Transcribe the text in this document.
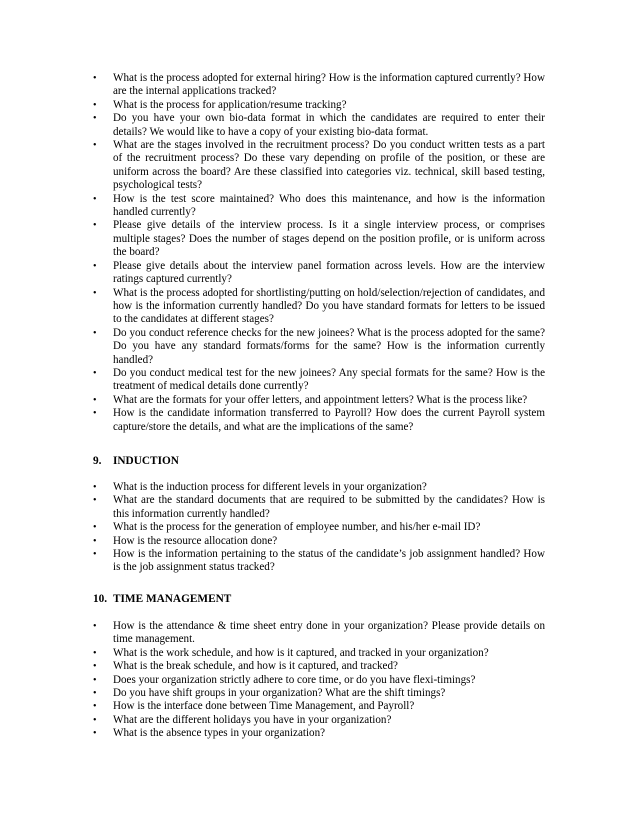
•	What is the process adopted for external hiring? How is the information captured currently? How are the internal applications tracked?
•	What is the process for application/resume tracking?
•	Do you have your own bio-data format in which the candidates are required to enter their details? We would like to have a copy of your existing bio-data format.
•	What are the stages involved in the recruitment process? Do you conduct written tests as a part of the recruitment process? Do these vary depending on profile of the position, or these are uniform across the board? Are these classified into categories viz. technical, skill based testing, psychological tests?
•	How is the test score maintained? Who does this maintenance, and how is the information handled currently?
•	Please give details of the interview process. Is it a single interview process, or comprises multiple stages? Does the number of stages depend on the position profile, or is uniform across the board?
•	Please give details about the interview panel formation across levels. How are the interview ratings captured currently?
•	What is the process adopted for shortlisting/putting on hold/selection/rejection of candidates, and how is the information currently handled? Do you have standard formats for letters to be issued to the candidates at different stages?
•	Do you conduct reference checks for the new joinees? What is the process adopted for the same? Do you have any standard formats/forms for the same? How is the information currently handled?
•	Do you conduct medical test for the new joinees? Any special formats for the same? How is the treatment of medical details done currently?
•	What are the formats for your offer letters, and appointment letters? What is the process like?
•	How is the candidate information transferred to Payroll? How does the current Payroll system capture/store the details, and what are the implications of the same?
9. INDUCTION
•	What is the induction process for different levels in your organization?
•	What are the standard documents that are required to be submitted by the candidates? How is this information currently handled?
•	What is the process for the generation of employee number, and his/her e-mail ID?
•	How is the resource allocation done?
•	How is the information pertaining to the status of the candidate’s job assignment handled? How is the job assignment status tracked?
10. TIME MANAGEMENT
•	How is the attendance & time sheet entry done in your organization? Please provide details on time management.
•	What is the work schedule, and how is it captured, and tracked in your organization?
•	What is the break schedule, and how is it captured, and tracked?
•	Does your organization strictly adhere to core time, or do you have flexi-timings?
•	Do you have shift groups in your organization? What are the shift timings?
•	How is the interface done between Time Management, and Payroll?
•	What are the different holidays you have in your organization?
•	What is the absence types in your organization?
